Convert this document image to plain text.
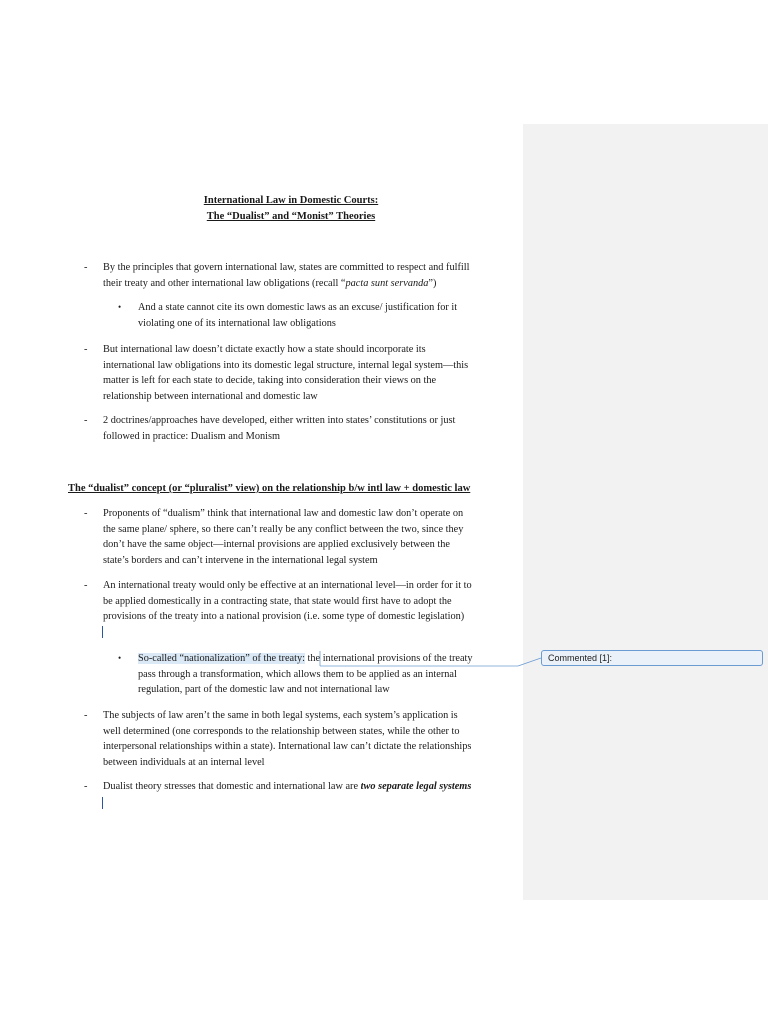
International Law in Domestic Courts:
The “Dualist” and “Monist” Theories
- By the principles that govern international law, states are committed to respect and fulfill
their treaty and other international law obligations (recall “pacta sunt servanda”)
• And a state cannot cite its own domestic laws as an excuse/ justification for it
violating one of its international law obligations
- But international law doesn’t dictate exactly how a state should incorporate its
international law obligations into its domestic legal structure, internal legal system—this
matter is left for each state to decide, taking into consideration their views on the
relationship between international and domestic law
- 2 doctrines/approaches have developed, either written into states’ constitutions or just
followed in practice: Dualism and Monism
The “dualist” concept (or “pluralist” view) on the relationship b/w intl law + domestic law
- Proponents of “dualism” think that international law and domestic law don’t operate on
the same plane/ sphere, so there can’t really be any conflict between the two, since they
don’t have the same object—internal provisions are applied exclusively between the
state’s borders and can’t intervene in the international legal system
- An international treaty would only be effective at an international level—in order for it to
be applied domestically in a contracting state, that state would first have to adopt the
provisions of the treaty into a national provision (i.e. some type of domestic legislation)
• So-called “nationalization” of the treaty: the international provisions of the treaty
pass through a transformation, which allows them to be applied as an internal
regulation, part of the domestic law and not international law
- The subjects of law aren’t the same in both legal systems, each system’s application is
well determined (one corresponds to the relationship between states, while the other to
interpersonal relationships within a state). International law can’t dictate the relationships
between individuals at an internal level
- Dualist theory stresses that domestic and international law are two separate legal systems
Commented [1]:
